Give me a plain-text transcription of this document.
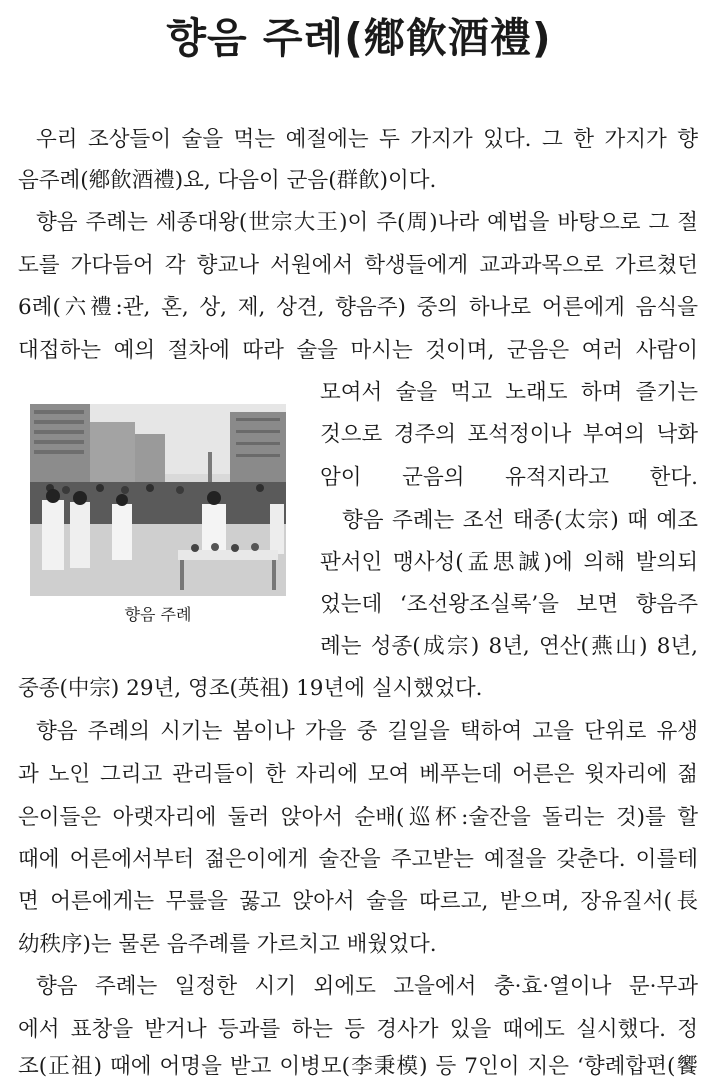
향음 주례(鄕飮酒禮)
우리 조상들이 술을 먹는 예절에는 두 가지가 있다. 그 한 가지가 향
음주례(鄕飮酒禮)요, 다음이 군음(群飮)이다.
향음 주례는 세종대왕(世宗大王)이 주(周)나라 예법을 바탕으로 그 절
도를 가다듬어 각 향교나 서원에서 학생들에게 교과과목으로 가르쳤던
6례(六禮:관, 혼, 상, 제, 상견, 향음주) 중의 하나로 어른에게 음식을
대접하는 예의 절차에 따라 술을 마시는 것이며, 군음은 여러 사람이
모여서 술을 먹고 노래도 하며 즐기는
것으로 경주의 포석정이나 부여의 낙화
암이 군음의 유적지라고 한다.
향음 주례는 조선 태종(太宗) 때 예조
판서인 맹사성(孟思誠)에 의해 발의되
었는데 ‘조선왕조실록’을 보면 향음주
례는 성종(成宗) 8년, 연산(燕山) 8년,
중종(中宗) 29년, 영조(英祖) 19년에 실시했었다.
향음 주례의 시기는 봄이나 가을 중 길일을 택하여 고을 단위로 유생
과 노인 그리고 관리들이 한 자리에 모여 베푸는데 어른은 윗자리에 젊
은이들은 아랫자리에 둘러 앉아서 순배(巡杯:술잔을 돌리는 것)를 할
때에 어른에서부터 젊은이에게 술잔을 주고받는 예절을 갖춘다. 이를테
면 어른에게는 무릎을 꿇고 앉아서 술을 따르고, 받으며, 장유질서(長
幼秩序)는 물론 음주례를 가르치고 배웠었다.
향음 주례는 일정한 시기 외에도 고을에서 충·효·열이나 문·무과
에서 표창을 받거나 등과를 하는 등 경사가 있을 때에도 실시했다. 정
조(正祖) 때에 어명을 받고 이병모(李秉模) 등 7인이 지은 ‘향례합편(饗
향음 주례
